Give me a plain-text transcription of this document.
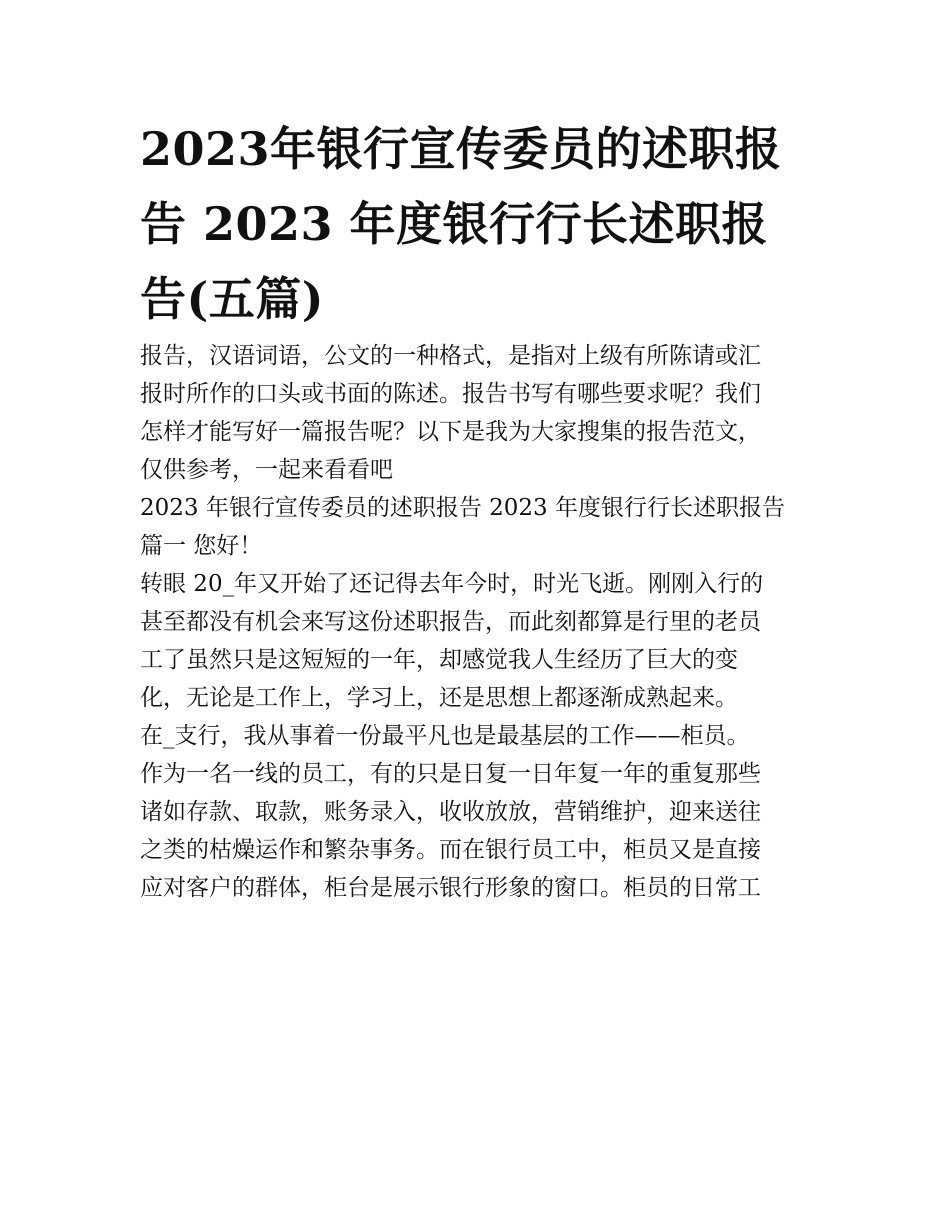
2023年银行宣传委员的述职报
告 2023 年度银行行长述职报
告(五篇)

报告，汉语词语，公文的一种格式，是指对上级有所陈请或汇

报时所作的口头或书面的陈述。报告书写有哪些要求呢？我们

怎样才能写好一篇报告呢？以下是我为大家搜集的报告范文，

仅供参考，一起来看看吧

2023 年银行宣传委员的述职报告 2023 年度银行行长述职报告

篇一 您好！

转眼 20_年又开始了还记得去年今时，时光飞逝。刚刚入行的

甚至都没有机会来写这份述职报告，而此刻都算是行里的老员

工了虽然只是这短短的一年，却感觉我人生经历了巨大的变

化，无论是工作上，学习上，还是思想上都逐渐成熟起来。

在_支行，我从事着一份最平凡也是最基层的工作——柜员。

作为一名一线的员工，有的只是日复一日年复一年的重复那些

诸如存款、取款，账务录入，收收放放，营销维护，迎来送往

之类的枯燥运作和繁杂事务。而在银行员工中，柜员又是直接

应对客户的群体，柜台是展示银行形象的窗口。柜员的日常工
